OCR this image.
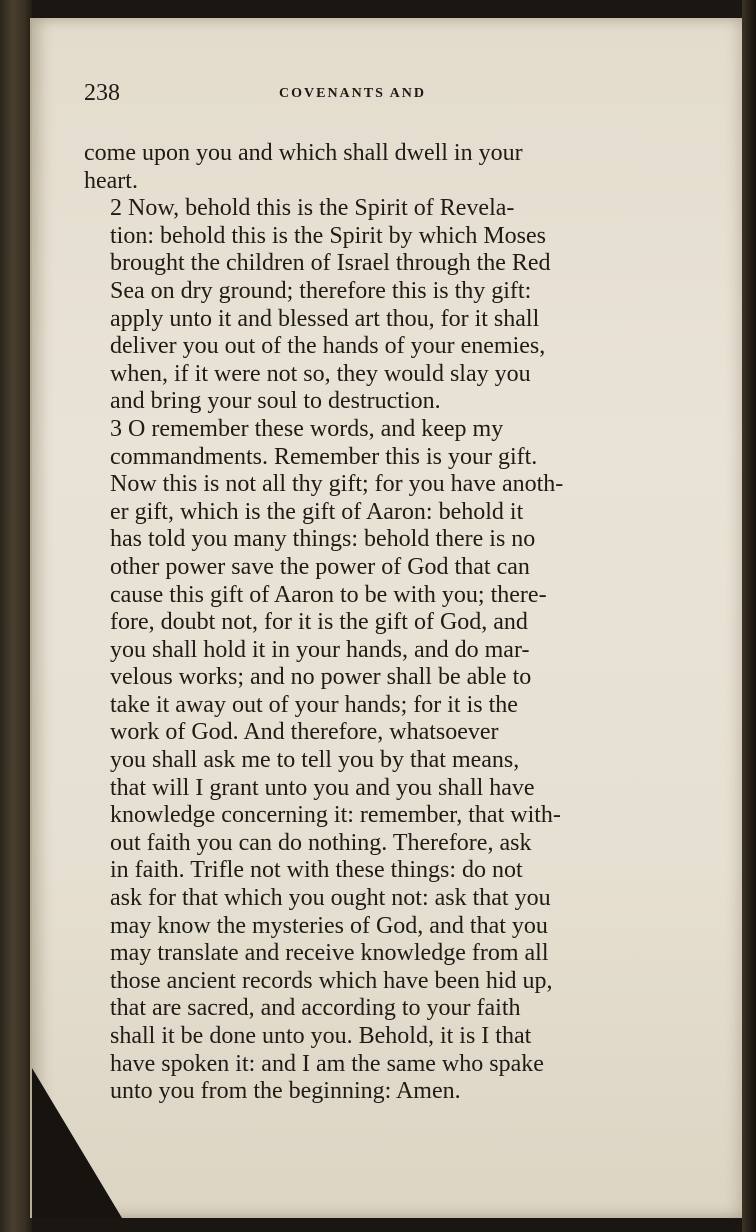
238	COVENANTS AND

come upon you and which shall dwell in your
heart.

2 Now, behold this is the Spirit of Revela-
tion: behold this is the Spirit by which Moses
brought the children of Israel through the Red
Sea on dry ground; therefore this is thy gift:
apply unto it and blessed art thou, for it shall
deliver you out of the hands of your enemies,
when, if it were not so, they would slay you
and bring your soul to destruction.

3 O remember these words, and keep my
commandments. Remember this is your gift.
Now this is not all thy gift; for you have anoth-
er gift, which is the gift of Aaron: behold it
has told you many things: behold there is no
other power save the power of God that can
cause this gift of Aaron to be with you; there-
fore, doubt not, for it is the gift of God, and
you shall hold it in your hands, and do mar-
velous works; and no power shall be able to
take it away out of your hands; for it is the
work of God. And therefore, whatsoever
you shall ask me to tell you by that means,
that will I grant unto you and you shall have
knowledge concerning it: remember, that with-
out faith you can do nothing. Therefore, ask
in faith. Trifle not with these things: do not
ask for that which you ought not: ask that you
may know the mysteries of God, and that you
may translate and receive knowledge from all
those ancient records which have been hid up,
that are sacred, and according to your faith
shall it be done unto you. Behold, it is I that
have spoken it: and I am the same who spake
unto you from the beginning: Amen.
